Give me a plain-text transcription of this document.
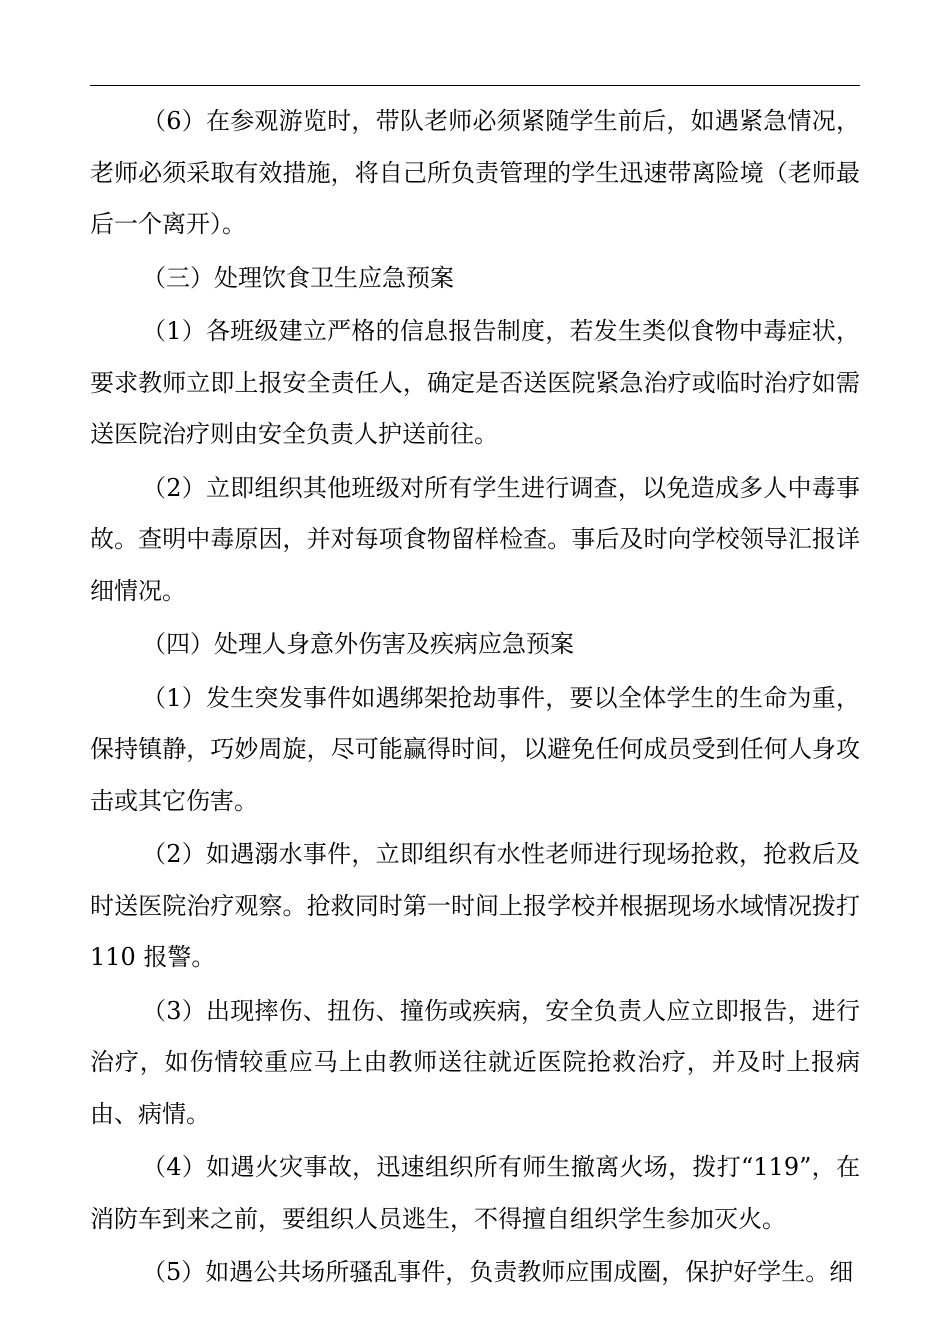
（6）在参观游览时，带队老师必须紧随学生前后，如遇紧急情况，老师必须采取有效措施，将自己所负责管理的学生迅速带离险境（老师最后一个离开）。

（三）处理饮食卫生应急预案

（1）各班级建立严格的信息报告制度，若发生类似食物中毒症状，要求教师立即上报安全责任人，确定是否送医院紧急治疗或临时治疗如需送医院治疗则由安全负责人护送前往。

（2）立即组织其他班级对所有学生进行调查，以免造成多人中毒事故。查明中毒原因，并对每项食物留样检查。事后及时向学校领导汇报详细情况。

（四）处理人身意外伤害及疾病应急预案

（1）发生突发事件如遇绑架抢劫事件，要以全体学生的生命为重，保持镇静，巧妙周旋，尽可能赢得时间，以避免任何成员受到任何人身攻击或其它伤害。

（2）如遇溺水事件，立即组织有水性老师进行现场抢救，抢救后及时送医院治疗观察。抢救同时第一时间上报学校并根据现场水域情况拨打 110 报警。

（3）出现摔伤、扭伤、撞伤或疾病，安全负责人应立即报告，进行治疗，如伤情较重应马上由教师送往就近医院抢救治疗，并及时上报病由、病情。

（4）如遇火灾事故，迅速组织所有师生撤离火场，拨打“119”，在消防车到来之前，要组织人员逃生，不得擅自组织学生参加灭火。

（5）如遇公共场所骚乱事件，负责教师应围成圈，保护好学生。细
